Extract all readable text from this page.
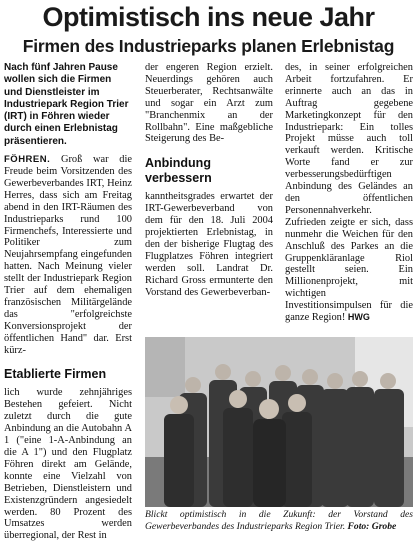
Optimistisch ins neue Jahr
Firmen des Industrieparks planen Erlebnistag

Nach fünf Jahren Pause wollen sich die Firmen und Dienstleister im Industriepark Region Trier (IRT) in Föhren wieder durch einen Erlebnistag präsentieren.

FÖHREN. Groß war die Freude beim Vorsitzenden des Gewerbeverbandes IRT, Heinz Herres, dass sich am Freitag abend in den IRT-Räumen des Industrieparks rund 100 Firmenchefs, Interessierte und Politiker zum Neujahrsempfang eingefunden hatten. Nach Meinung vieler stellt der Industriepark Region Trier auf dem ehemaligen französischen Militärgelände das "erfolgreichste Konversionsprojekt der öffentlichen Hand" dar. Erst kürz-

Etablierte Firmen

lich wurde zehnjähriges Bestehen gefeiert. Nicht zuletzt durch die gute Anbindung an die Autobahn A 1 ("eine 1-A-Anbindung an die A 1") und den Flugplatz Föhren direkt am Gelände, konnte eine Vielzahl von Betrieben, Dienstleistern und Existenzgründern angesiedelt werden. 80 Prozent des Umsatzes werden überregional, der Rest in

der engeren Region erzielt. Neuerdings gehören auch Steuerberater, Rechtsanwälte und sogar ein Arzt zum "Branchenmix an der Rollbahn". Eine maßgebliche Steigerung des Be-

Anbindung verbessern

kanntheitsgrades erwartet der IRT-Gewerbeverband von dem für den 18. Juli 2004 projektierten Erlebnistag, in den der bisherige Flugtag des Flugplatzes Föhren integriert werden soll. Landrat Dr. Richard Gross ermunterte den Vorstand des Gewerbeverban-

des, in seiner erfolgreichen Arbeit fortzufahren. Er erinnerte auch an das in Auftrag gegebene Marketingkonzept für den Industriepark: Ein tolles Projekt müsse auch toll verkauft werden. Kritische Worte fand er zur verbesserungsbedürftigen Anbindung des Geländes an den öffentlichen Personennahverkehr. Zufrieden zeigte er sich, dass nunmehr die Weichen für den Anschluß des Parkes an die Gruppenkläranlage Riol gestellt seien. Ein Millionenprojekt, mit wichtigen Investitionsimpulsen für die ganze Region! HWG

Blickt optimistisch in die Zukunft: der Vorstand des Gewerbeverbandes des Industrieparks Region Trier. Foto: Grobe
